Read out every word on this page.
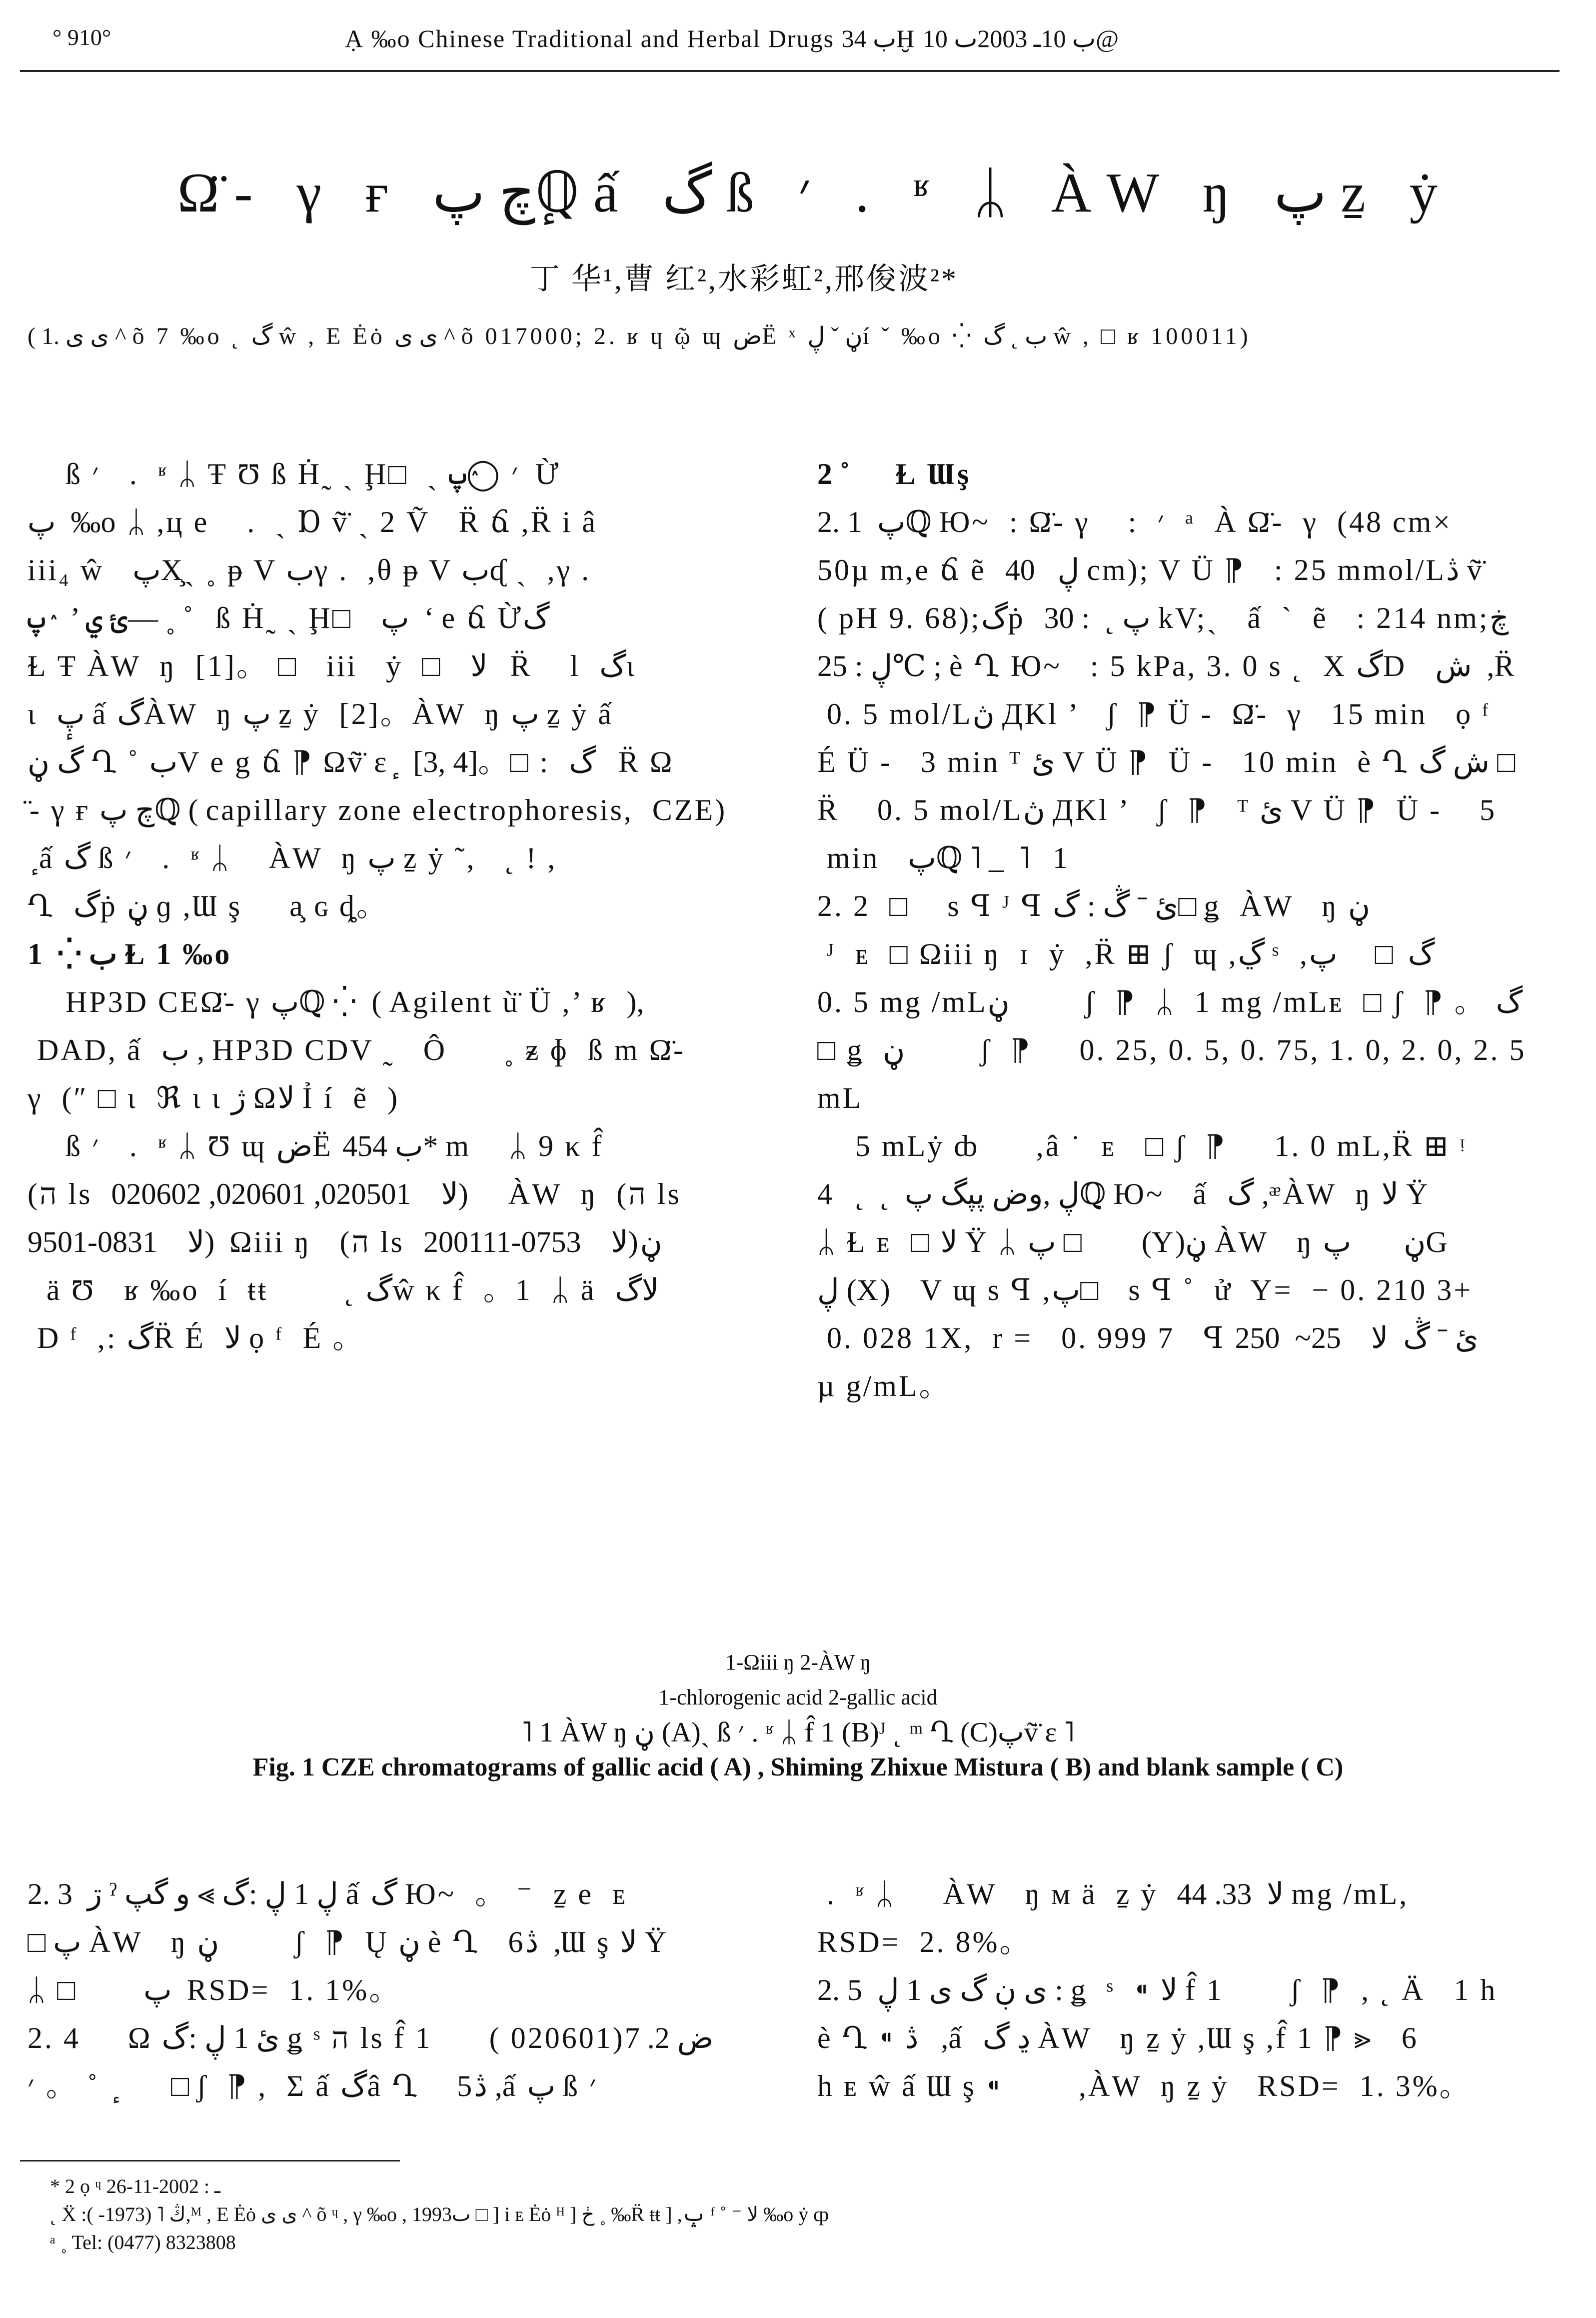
° 910°	Ạ ‰o Chinese Traditional and Herbal Drugs ب 34Ḫ ب 10ـ 2003ٮ 10@
Ω̈- γ ғ چ پℚٕ ấ گ ß ׳ . ʶ ᛦ ÀW ŋ پ ẕ ẏ
丁 华¹,曹 红²,水彩虹²,邢俊波²*
( 1. ی ی ^ õ 7 ‰o ˛ گ ŵ , E Ėȯ ی ی ^ õ 017000; 2. ʁ ɥ ῷ ɰ ضË ˣ ڼ ˇ ڸí ˇ ‰o ⁛ ب ˛ گ ŵ , □ ʁ 100011)

ß ׳   .  ʶ ᛦ Ŧ Ʊ ß Ḣ˷ ˎ Ḩ□  ˎ ׳ ◯ٛپ  Ừ

پ  ‰o ᛦ ,ц e    .  ˎ Ɒ ṽ̈ ˎ 2 Ṽ   R̈ ճ ,R̈ i â

iii₄ ŵ   پX̧ˎ ˳ ᵽ V بγ .  ,θ ᵽ V بᶑ ˎ  ,γ .

ئ ي ’  ٛپ— ˳ ˚   ß Ḣ˷ ˎ Ḩ□   پ  ‘ e ճ Ừگ

Ɫ Ŧ ÀW  ŋ  [1]。 □   iii   ẏ  □   ﻻ   R̈    l  گɩ

ɩ  پٕ ấ گÀW  ŋ پ ẕ ẏ  [2]。ÀW  ŋ پ ẕ ẏ ấ

گ ڼ Ղ ˚ بV e g ճ ⁋ Ωṽ̈ ɛ ٕ  [3, 4]。□ :  گ   R̈ Ω

̈- γ ғ چ پℚ ( capillary zone electrophoresis,  CZE)

ٕ ấ گ ß ׳   .  ʶ ᛦ    ÀW  ŋ پ ẕ ẏ ˜,   ˛ ! ,

Ղ  گṗ ڼ ɡ ,Ɯ ş     a̧ ɢ ȡ。

1  ⁛ ب Ɫ 1 ‰o

HP3D CEΩ̈- γ پℚ ⁛  ( Agilent ù̈ Ü ,’ ʁ  ),

DAD, ấ  ب , HP3D CDV ˷   Ô      ˳ ᵶ ɸ  ß m Ω̈-

γ  (″ □ ɩ  ℜ ɩ ɩ ژ Ωﻻ Ỉ í  ẽ  )

ß ׳   .  ʶ ᛦ Ʊ ɰ ضË ب 454* m    ᛦ 9 κ f̂

(ה ls  ﻻ    020501, 020601, 020602)    ÀW  ŋ  (ה ls

ﻻ    0831-9501)  Ωiii ŋ   (ה ls  ﻻ    0753-200111)ڼ

ä Ʊ   ʁ ‰o  í  ŧŧ        ˛ گŵ κ f̂  。1  ᛦ ä  ﻻگ

D ᶠ  ,: گR̈ É  ﻻ ọ ᶠ  É 。

2 ˚ ٕ  Ɫ Ɯş

2. 1  پℚ Ю~  : Ω̈- γ    :  ׳  ᵃ  À Ω̈-  γ  (48 cm×

50µ m,e ճ ẽ  ڸ   40 cm); V Ü ⁋   : 25 mmol/Lڎ ṽ̈

( pH 9. 68);گṗ  پ ˛  : 30 kV;ˎ   ấ  ˋ  ẽ   : 214 nm;ڿ

ڸ : 25℃ ; è Ղ Ю~   : 5 kPa, 3. 0 s ˛  X گD   ش  ,R̈

0. 5 mol/Lڽ ДKl ’   ʃ  ⁋ Ü -  Ω̈-  γ   15 min   ọ ᶠ

É Ü -   3 min ᵀ ئ V Ü ⁋  Ü -   10 min  è Ղ ش گ □

R̈    0. 5 mol/Lڽ ДKl ’   ʃ  ⁋   ᵀ ئ V Ü ⁋  Ü -    5

min   پℚ ˥ _  ˥   1

2. 2  □    s ꟼ ᴶ ꟼ ئ ˉ ڴ : گ□ ǥ  ÀW   ŋ ڼ

ᴶ  ᴇ  □ Ωiii ŋ  ɪ  ẏ  ,R̈ ⊞ ʃ  ɰ ,ڲ ˢ  ,گ  □     پ

0. 5 mg /mLڼ          ʃ  ⁋  ᛦ  1 mg /mLᴇ  □ ʃ  ⁋ 。 گ

□ ǥ  ڼ          ʃ  ⁋     0. 25, 0. 5, 0. 75, 1. 0, 2. 0, 2. 5 mL

5 mLẏ ȸ      ,â ˙  ᴇ   □ ʃ  ⁋     1. 0 mL,R̈ ⊞ ᵎ

4   ˛  ˛  ڸ ,وض پپگ پℚ Ю~   ấ  گ ,ᵆÀW  ŋ ﻻ Ÿ

ᛦ Ɫ ᴇ  □ ﻻ Ÿ ᛦ پ □        (Y)ڼ ÀW   ŋ ڼ       پG

ڸ (X)    V ɰ s ꟼ ,پ□    s ꟼ ˚  ử  Y=  − 0. 210 3+

0. 028 1X,  r =   0. 999 7   ꟼ ئ ˉ ڴ  ﻻ    25~  250

µ g/mL。

1-Ωiii ŋ 2-ÀW ŋ

1-chlorogenic acid 2-gallic acid

˥ 1 ÀW ŋ ڼ (A)ˎ ß ׳ . ʶ ᛦ f̂ 1 (B)ᴶ ˛ ᵐ Ղ (C)پṽ̈ ɛ ˥

Fig. 1 CZE chromatograms of gallic acid ( A) , Shiming Zhixue Mistura ( B) and blank sample ( C)

2. 3  ڗ ˀ ڸ 1 ڸ :گ ⪢ و گپ ấ گ Ю~  。 ⁻  ẕ e  ᴇ

□ پ ÀW   ŋ ڼ          ʃ  ⁋  Ų ڼ è Ղ   6ڎ  ,Ɯ ş ﻻ Ÿ

ᛦ □       پ  RSD=  1. 1%。

2. 4     Ω ئ 1 ڸ :گ ǥ ˢ ה ls f̂ 1      ( 020601)ض 2. 7

׳ 。 ˚  ٕ       □ ʃ  ⁋ ,  Σ ấ گâ Ղ    5ڎ ,ấ پ ß ׳

.  ʶ ᛦ     ÀW   ŋ ᴍ ä  ẕ ẏ  ﻻ  33. 44 mg /mL,

RSD=  2. 8%。

2. 5  ی ڹ گ ی 1 ڸ : ǥ  ˢ  ⁌ ﻻ f̂ 1       ʃ  ⁋  , ˛ Ä   1 h

è Ղ ⁌ ڎ   ,ấ  ڍ گ ÀW   ŋ ẕ ẏ ,Ɯ ş ,f̂ 1 ⁋ ⪢   6

h ᴇ ŵ ấ Ɯ ş ⁌        ,ÀW  ŋ ẕ ẏ   RSD=  1. 3%。

* 2 ọ ᶣ ـ : 2002-11-26

˛ Ẍ :ڭ ˥ (1973- ),ᴹ , E Ėȯ ی ی ^ õ ᶣ , γ ‰o , 1993ٮ □ ] i ᴇ Ėȯ ᴴ ] ڂ ˳ ‰R̈ ŧŧ ] ,ݒ ᶠ ˚ ⁻ ﻻ ‰o ẏ ȹ

ᵃ ˳ Tel: (0477) 8323808
